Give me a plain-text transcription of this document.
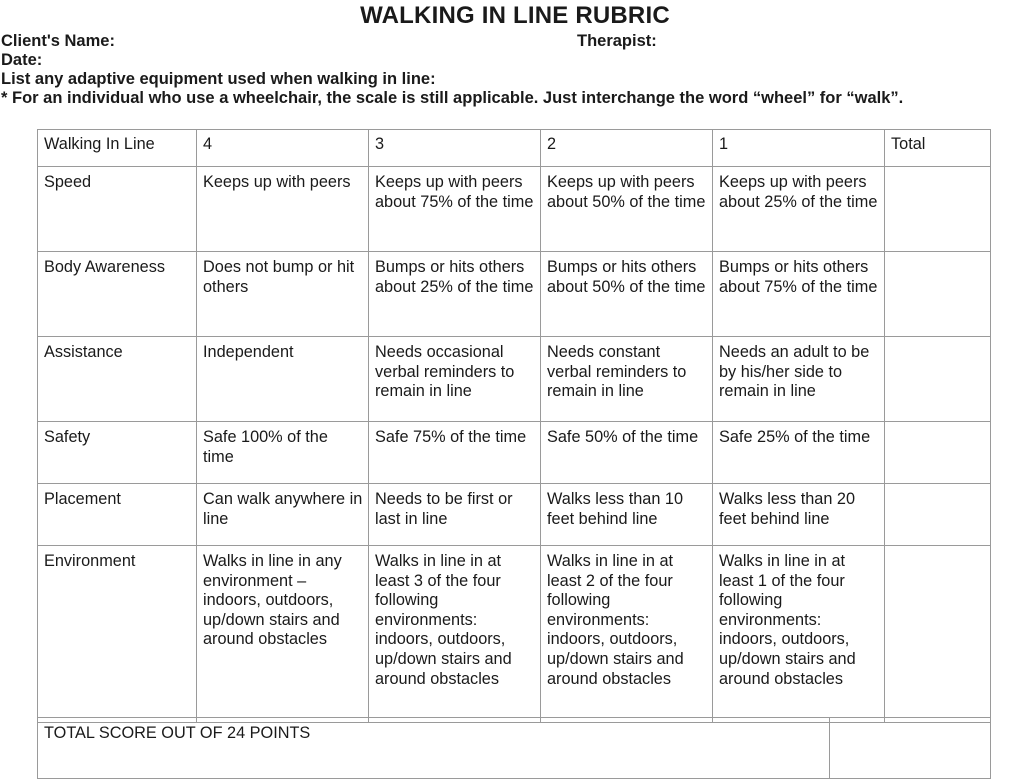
WALKING IN LINE RUBRIC
Client's Name:	Therapist:
Date:
List any adaptive equipment used when walking in line:
* For an individual who use a wheelchair, the scale is still applicable. Just interchange the word “wheel” for “walk”.
Walking In Line	4	3	2	1	Total
Speed	Keeps up with peers	Keeps up with peers about 75% of the time	Keeps up with peers about 50% of the time	Keeps up with peers about 25% of the time	
Body Awareness	Does not bump or hit others	Bumps or hits others about 25% of the time	Bumps or hits others about 50% of the time	Bumps or hits others about 75% of the time	
Assistance	Independent	Needs occasional verbal reminders to remain in line	Needs constant verbal reminders to remain in line	Needs an adult to be by his/her side to remain in line	
Safety	Safe 100% of the time	Safe 75% of the time	Safe 50% of the time	Safe 25% of the time	
Placement	Can walk anywhere in line	Needs to be first or last in line	Walks less than 10 feet behind line	Walks less than 20 feet behind line	
Environment	Walks in line in any environment – indoors, outdoors, up/down stairs and around obstacles	Walks in line in at least 3 of the four following environments: indoors, outdoors, up/down stairs and around obstacles	Walks in line in at least 2 of the four following environments: indoors, outdoors, up/down stairs and around obstacles	Walks in line in at least 1 of the four following environments: indoors, outdoors, up/down stairs and around obstacles	
TOTAL SCORE OUT OF 24 POINTS	
